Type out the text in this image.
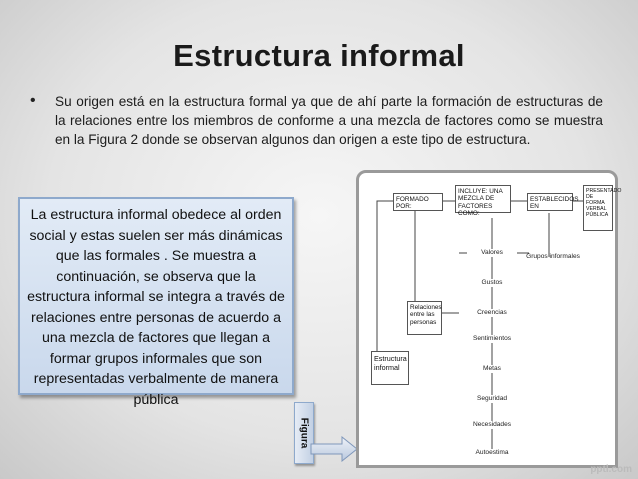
Estructura informal
• Su origen está en la estructura formal ya que de ahí parte la formación de estructuras de la relaciones entre los miembros de conforme a una mezcla de factores como se muestra en la Figura 2 donde se observan algunos dan origen a este tipo de estructura.
La estructura informal obedece al orden social y estas suelen ser más dinámicas que las formales . Se muestra a continuación, se observa que la estructura informal se integra a través de relaciones entre personas de acuerdo a una mezcla de factores que llegan a formar grupos informales que son representadas verbalmente de manera pública
Figura
FORMADO POR:
INCLUYE: UNA MEZCLA DE FACTORES COMO:
ESTABLECIDOS EN
PRESENTADO DE FORMA VERBAL PÚBLICA
Grupos informales
Relaciones entre las personas
Estructura informal
Valores
Gustos
Creencias
Sentimientos
Metas
Seguridad
Necesidades
Autoestima
pptl.com
